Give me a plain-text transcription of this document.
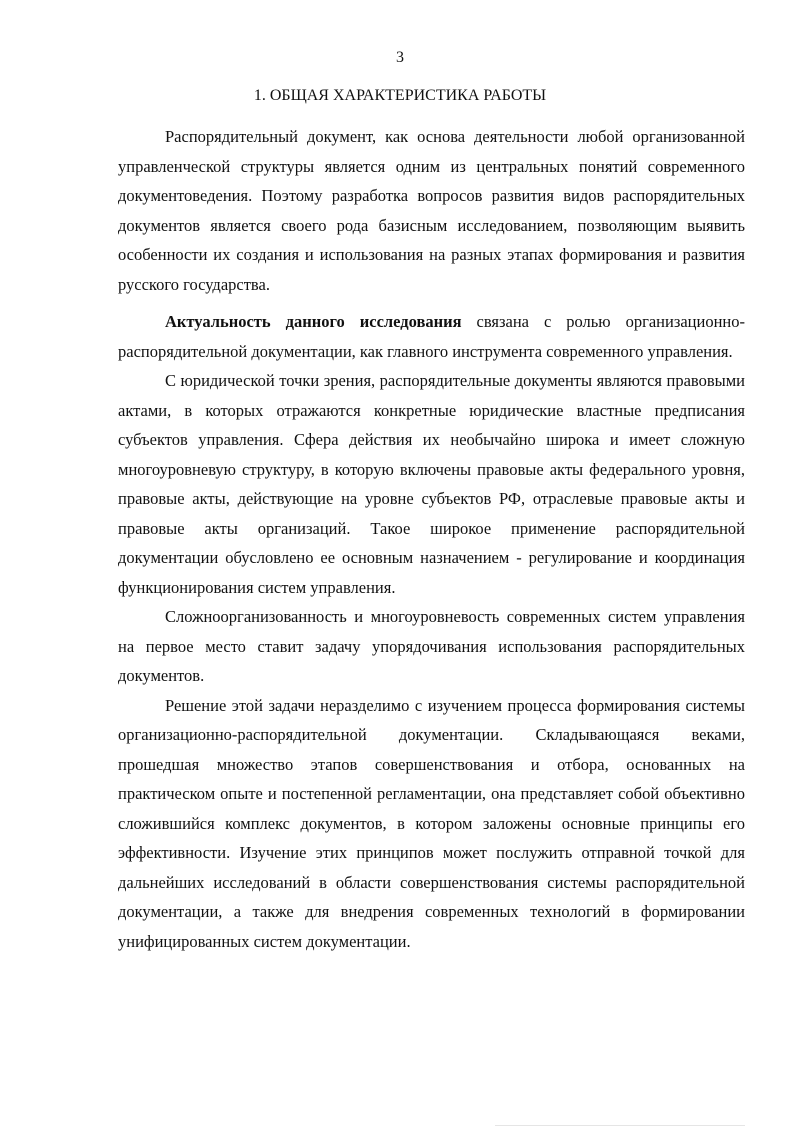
3
1. ОБЩАЯ ХАРАКТЕРИСТИКА РАБОТЫ

Распорядительный документ, как основа деятельности любой организованной управленческой структуры является одним из центральных понятий современного документоведения. Поэтому разработка вопросов развития видов распорядительных документов является своего рода базисным исследованием, позволяющим выявить особенности их создания и использования на разных этапах формирования и развития русского государства.

Актуальность данного исследования связана с ролью организационно-распорядительной документации, как главного инструмента современного управления.

С юридической точки зрения, распорядительные документы являются правовыми актами, в которых отражаются конкретные юридические властные предписания субъектов управления. Сфера действия их необычайно широка и имеет сложную многоуровневую структуру, в которую включены правовые акты федерального уровня, правовые акты, действующие на уровне субъектов РФ, отраслевые правовые акты и правовые акты организаций. Такое широкое применение распорядительной документации обусловлено ее основным назначением - регулирование и координация функционирования систем управления.

Сложноорганизованность и многоуровневость современных систем управления на первое место ставит задачу упорядочивания использования распорядительных документов.

Решение этой задачи неразделимо с изучением процесса формирования системы организационно-распорядительной документации. Складывающаяся веками, прошедшая множество этапов совершенствования и отбора, основанных на практическом опыте и постепенной регламентации, она представляет собой объективно сложившийся комплекс документов, в котором заложены основные принципы его эффективности. Изучение этих принципов может послужить отправной точкой для дальнейших исследований в области совершенствования системы распорядительной документации, а также для внедрения современных технологий в формировании унифицированных систем документации.
